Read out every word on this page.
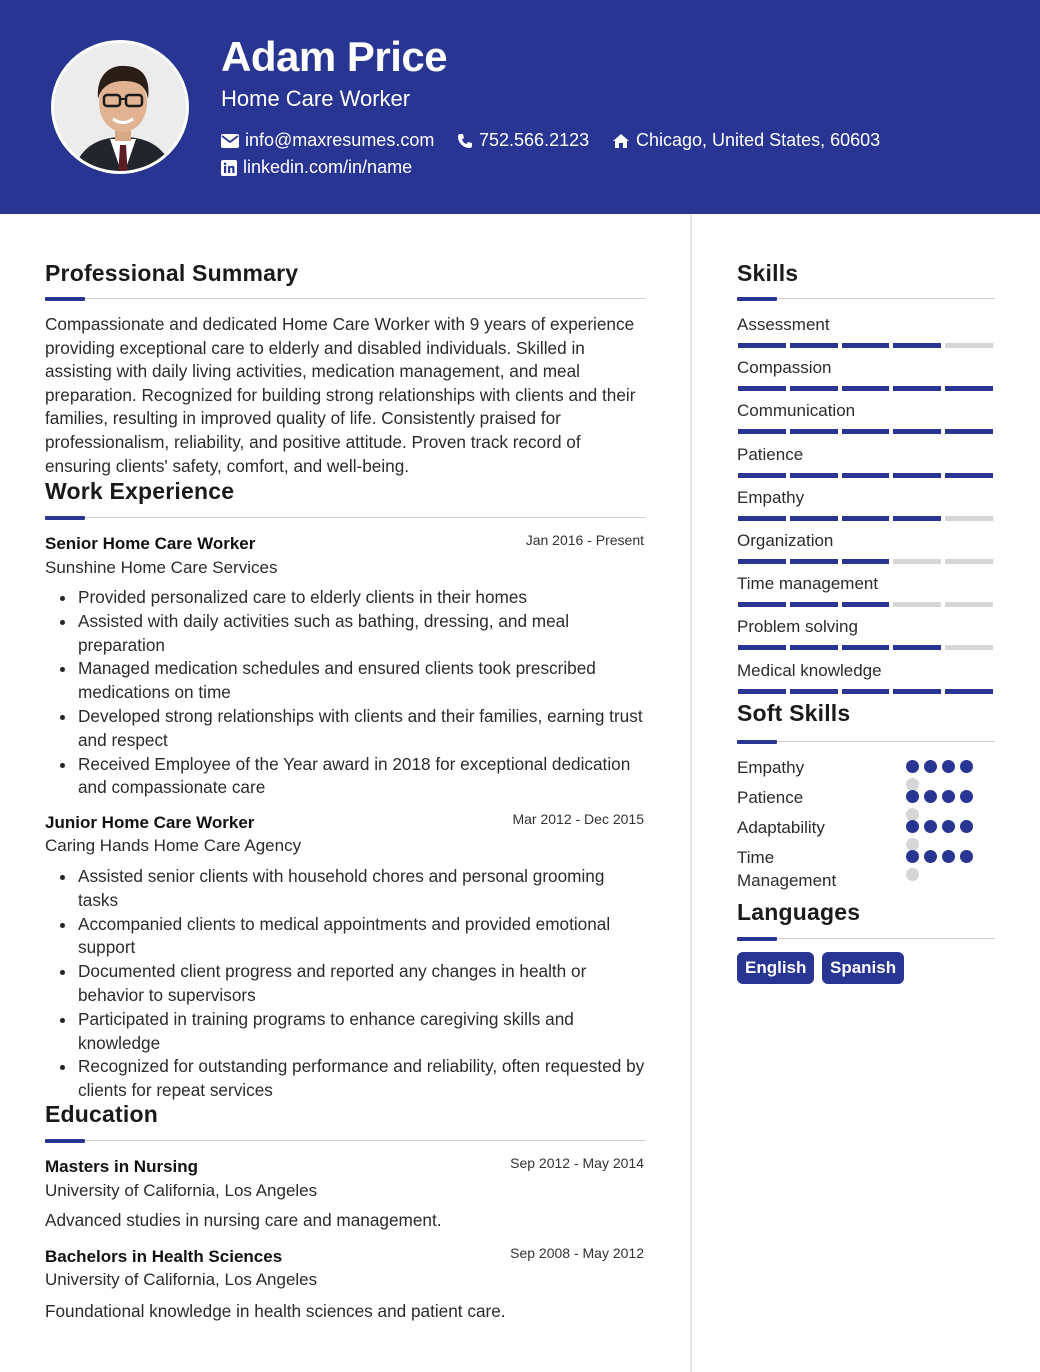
Adam Price
Home Care Worker
info@maxresumes.com 752.566.2123	Chicago, United States, 60603
linkedin.com/in/name
Professional Summary
Compassionate and dedicated Home Care Worker with 9 years of experience providing exceptional care to elderly and disabled individuals. Skilled in assisting with daily living activities, medication management, and meal preparation. Recognized for building strong relationships with clients and their families, resulting in improved quality of life. Consistently praised for professionalism, reliability, and positive attitude. Proven track record of ensuring clients' safety, comfort, and well-being.
Work Experience
Senior Home Care Worker	Jan 2016 - Present
Sunshine Home Care Services
Provided personalized care to elderly clients in their homes
Assisted with daily activities such as bathing, dressing, and meal preparation
Managed medication schedules and ensured clients took prescribed medications on time
Developed strong relationships with clients and their families, earning trust and respect
Received Employee of the Year award in 2018 for exceptional dedication and compassionate care
Junior Home Care Worker	Mar 2012 - Dec 2015
Caring Hands Home Care Agency
Assisted senior clients with household chores and personal grooming tasks
Accompanied clients to medical appointments and provided emotional support
Documented client progress and reported any changes in health or behavior to supervisors
Participated in training programs to enhance caregiving skills and knowledge
Recognized for outstanding performance and reliability, often requested by clients for repeat services
Education
Masters in Nursing	Sep 2012 - May 2014
University of California, Los Angeles
Advanced studies in nursing care and management.
Bachelors in Health Sciences	Sep 2008 - May 2012
University of California, Los Angeles
Foundational knowledge in health sciences and patient care.
Skills
Assessment
Compassion
Communication
Patience
Empathy
Organization
Time management
Problem solving
Medical knowledge
Soft Skills
Empathy
Patience
Adaptability
Time Management
Languages
English	Spanish
